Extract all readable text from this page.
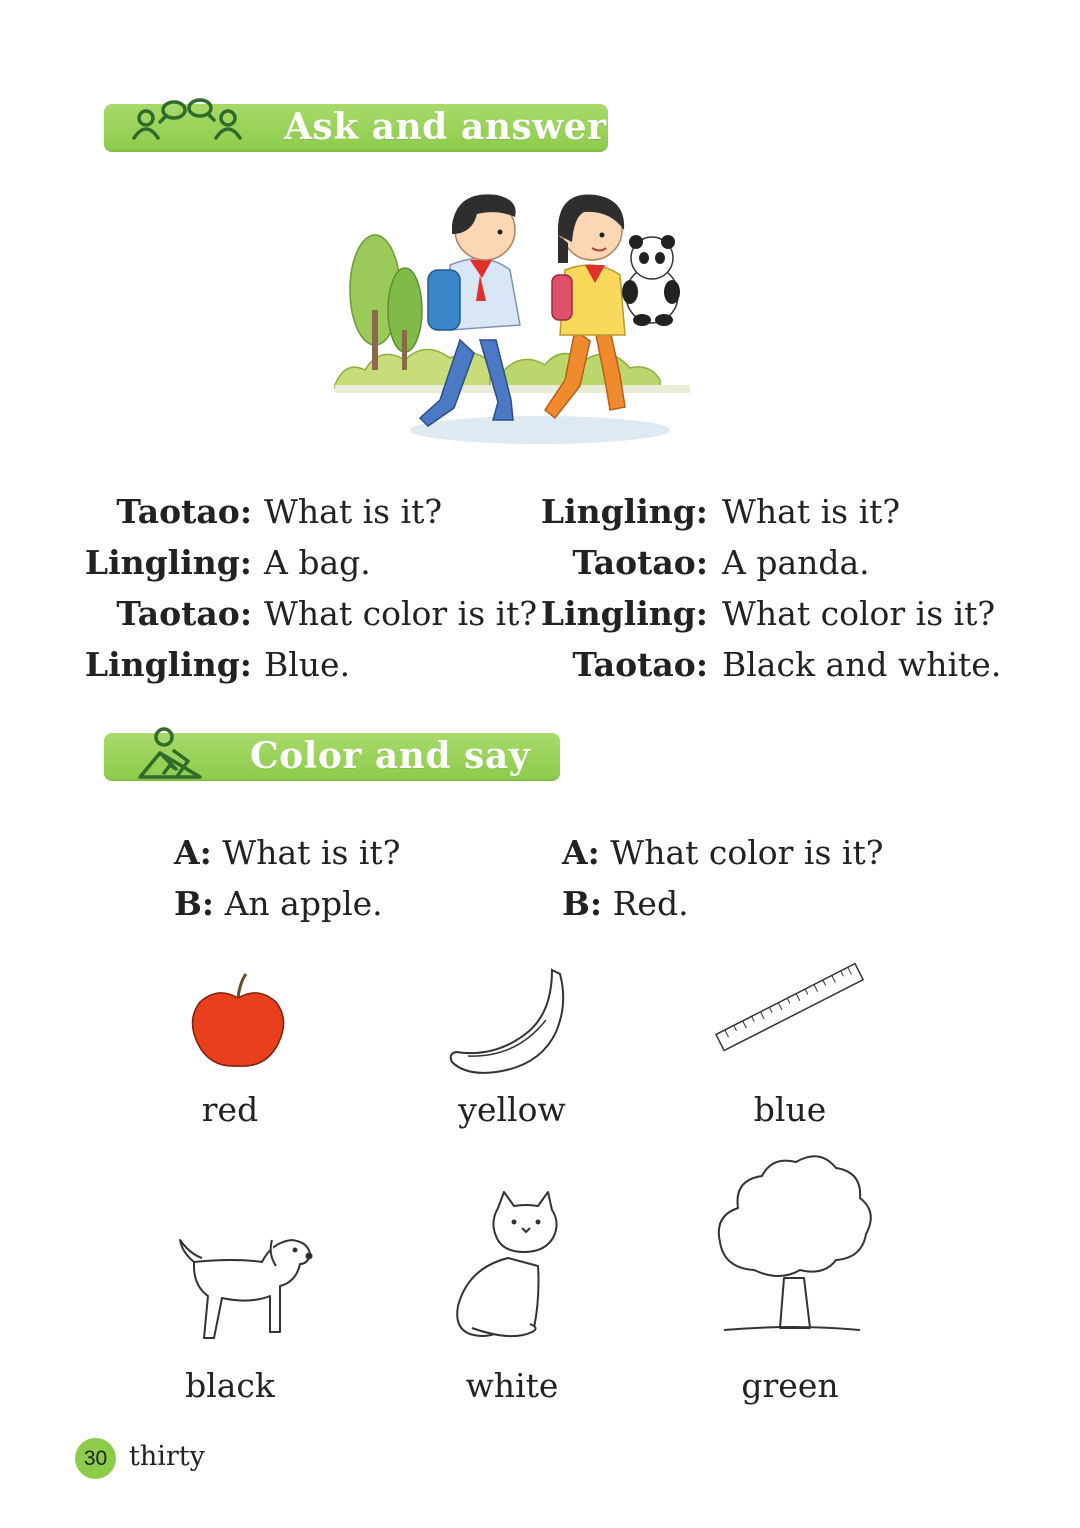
Ask and answer
Taotao: What is it?
Lingling: A bag.
Taotao: What color is it?
Lingling: Blue.
Lingling: What is it?
Taotao: A panda.
Lingling: What color is it?
Taotao: Black and white.
Color and say
A: What is it?
B: An apple.
A: What color is it?
B: Red.
red	yellow	blue
black	white	green
30 thirty
